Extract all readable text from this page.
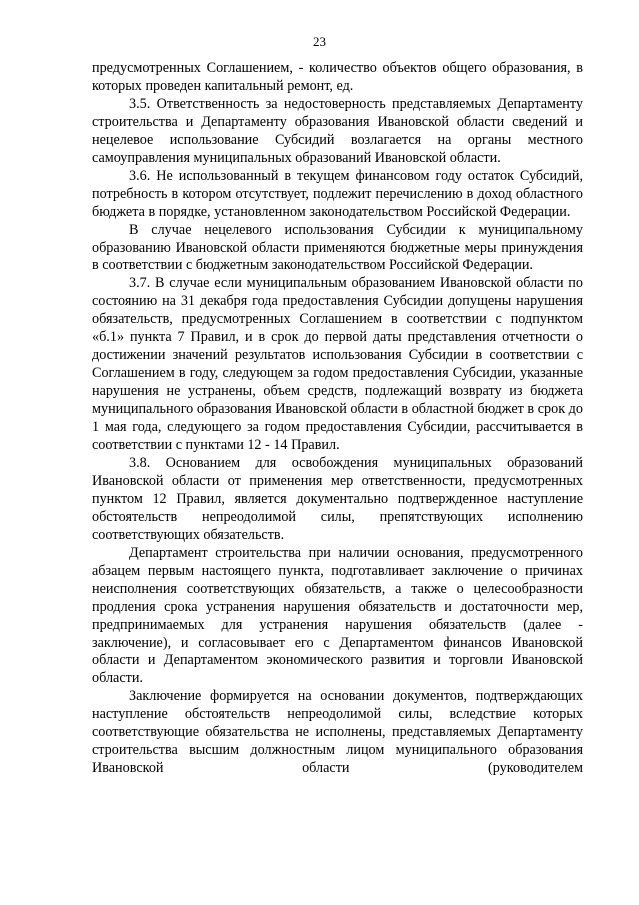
23

предусмотренных Соглашением, - количество объектов общего образования, в которых проведен капитальный ремонт, ед.

3.5. Ответственность за недостоверность представляемых Департаменту строительства и Департаменту образования Ивановской области сведений и нецелевое использование Субсидий возлагается на органы местного самоуправления муниципальных образований Ивановской области.

3.6. Не использованный в текущем финансовом году остаток Субсидий, потребность в котором отсутствует, подлежит перечислению в доход областного бюджета в порядке, установленном законодательством Российской Федерации.

В случае нецелевого использования Субсидии к муниципальному образованию Ивановской области применяются бюджетные меры принуждения в соответствии с бюджетным законодательством Российской Федерации.

3.7. В случае если муниципальным образованием Ивановской области по состоянию на 31 декабря года предоставления Субсидии допущены нарушения обязательств, предусмотренных Соглашением в соответствии с подпунктом «б.1» пункта 7 Правил, и в срок до первой даты представления отчетности о достижении значений результатов использования Субсидии в соответствии с Соглашением в году, следующем за годом предоставления Субсидии, указанные нарушения не устранены, объем средств, подлежащий возврату из бюджета муниципального образования Ивановской области в областной бюджет в срок до 1 мая года, следующего за годом предоставления Субсидии, рассчитывается в соответствии с пунктами 12 - 14 Правил.

3.8. Основанием для освобождения муниципальных образований Ивановской области от применения мер ответственности, предусмотренных пунктом 12 Правил, является документально подтвержденное наступление обстоятельств непреодолимой силы, препятствующих исполнению соответствующих обязательств.

Департамент строительства при наличии основания, предусмотренного абзацем первым настоящего пункта, подготавливает заключение о причинах неисполнения соответствующих обязательств, а также о целесообразности продления срока устранения нарушения обязательств и достаточности мер, предпринимаемых для устранения нарушения обязательств (далее - заключение), и согласовывает его с Департаментом финансов Ивановской области и Департаментом экономического развития и торговли Ивановской области.

Заключение формируется на основании документов, подтверждающих наступление обстоятельств непреодолимой силы, вследствие которых соответствующие обязательства не исполнены, представляемых Департаменту строительства высшим должностным лицом муниципального образования Ивановской области (руководителем
